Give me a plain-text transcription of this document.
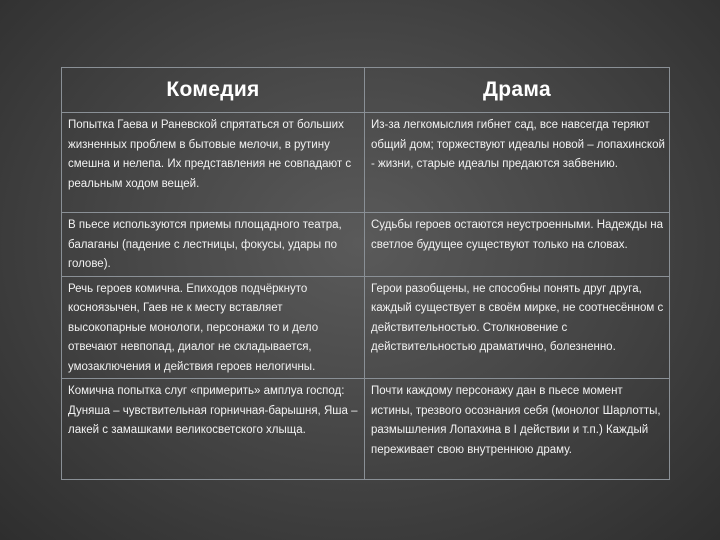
Комедия	Драма

Попытка Гаева и Раневской спрятаться от больших жизненных проблем в бытовые мелочи, в рутину смешна и нелепа. Их представления не совпадают с реальным ходом вещей.	Из-за легкомыслия гибнет сад, все навсегда теряют общий дом; торжествуют идеалы новой – лопахинской - жизни, старые идеалы предаются забвению.

В пьесе используются приемы площадного театра, балаганы (падение с лестницы, фокусы, удары по голове).	Судьбы героев остаются неустроенными. Надежды на светлое будущее существуют только на словах.

Речь героев комична. Епиходов подчёркнуто косноязычен, Гаев не к месту вставляет высокопарные монологи, персонажи то и дело отвечают невпопад, диалог не складывается, умозаключения и действия героев нелогичны.	Герои разобщены, не способны понять друг друга, каждый существует в своём мирке, не соотнесённом с действительностью. Столкновение с действительностью драматично, болезненно.

Комична попытка слуг «примерить» амплуа господ: Дуняша – чувствительная горничная-барышня, Яша – лакей с замашками великосветского хлыща.	Почти каждому персонажу дан в пьесе момент истины, трезвого осознания себя (монолог Шарлотты, размышления Лопахина в I действии и т.п.) Каждый переживает свою внутреннюю драму.
